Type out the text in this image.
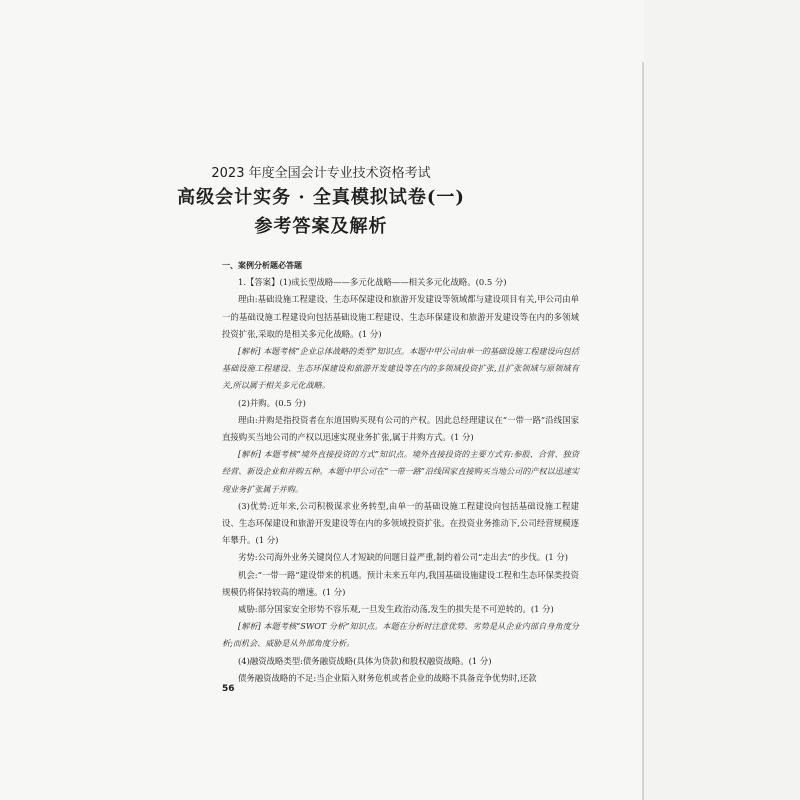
2023 年度全国会计专业技术资格考试
高级会计实务 · 全真模拟试卷(一)
参考答案及解析

一、案例分析题必答题

1.【答案】(1)成长型战略——多元化战略——相关多元化战略。(0.5 分)

理由:基础设施工程建设、生态环保建设和旅游开发建设等领域都与建设项目有关,甲公司由单一的基础设施工程建设向包括基础设施工程建设、生态环保建设和旅游开发建设等在内的多领域投资扩张,采取的是相关多元化战略。(1 分)

[解析] 本题考核“企业总体战略的类型”知识点。本题中甲公司由单一的基础设施工程建设向包括基础设施工程建设、生态环保建设和旅游开发建设等在内的多领域投资扩张,且扩张领域与原领域有关,所以属于相关多元化战略。

(2)并购。(0.5 分)

理由:并购是指投资者在东道国购买现有公司的产权。因此总经理建议在“一带一路”沿线国家直接购买当地公司的产权以迅速实现业务扩张,属于并购方式。(1 分)

[解析] 本题考核“境外直接投资的方式”知识点。境外直接投资的主要方式有:参股、合营、独资经营、新设企业和并购五种。本题中甲公司在“一带一路”沿线国家直接购买当地公司的产权以迅速实现业务扩张属于并购。

(3)优势:近年来,公司积极谋求业务转型,由单一的基础设施工程建设向包括基础设施工程建设、生态环保建设和旅游开发建设等在内的多领域投资扩张。在投资业务推动下,公司经营规模逐年攀升。(1 分)

劣势:公司海外业务关键岗位人才短缺的问题日益严重,制约着公司“走出去”的步伐。(1 分)

机会:“一带一路”建设带来的机遇。预计未来五年内,我国基础设施建设工程和生态环保类投资规模仍将保持较高的增速。(1 分)

威胁:部分国家安全形势不容乐观,一旦发生政治动荡,发生的损失是不可逆转的。(1 分)

[解析] 本题考核“SWOT 分析”知识点。本题在分析时注意优势、劣势是从企业内部自身角度分析;而机会、威胁是从外部角度分析。

(4)融资战略类型:债务融资战略(具体为贷款)和股权融资战略。(1 分)

债务融资战略的不足:当企业陷入财务危机或者企业的战略不具备竞争优势时,还款

56
